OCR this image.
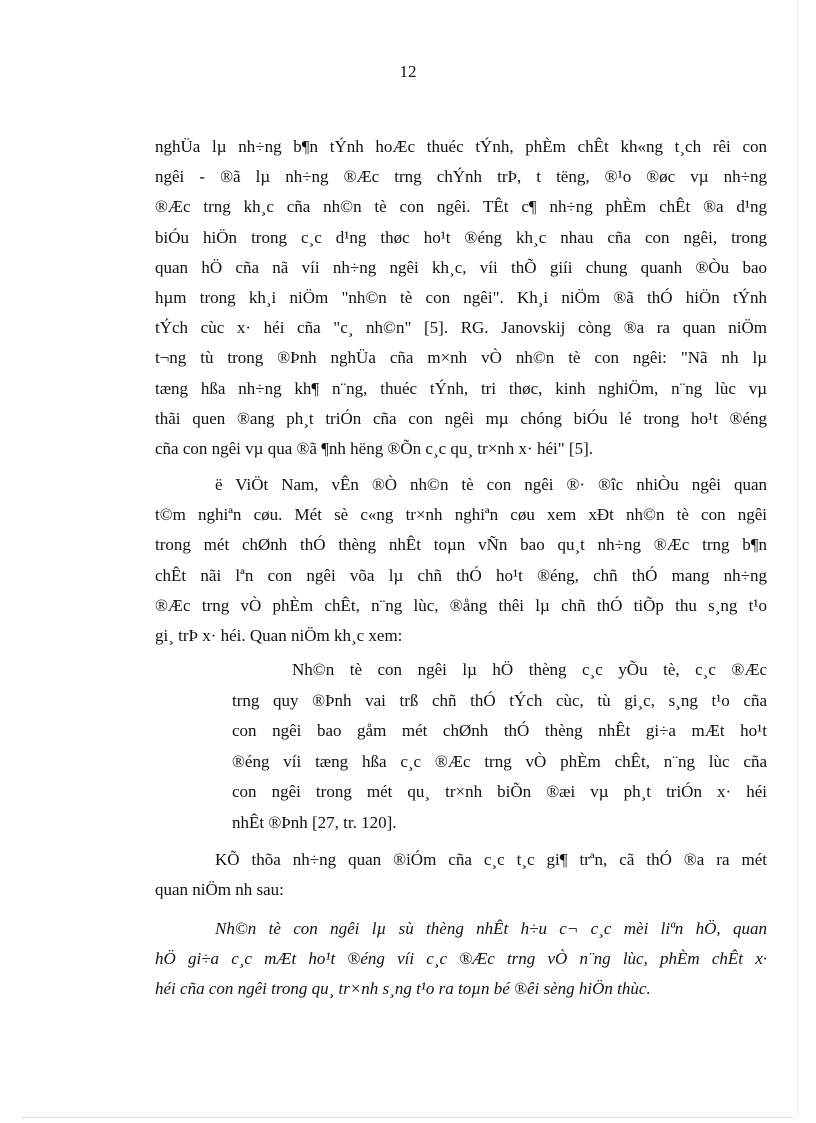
12
nghÜa lµ nh÷ng b¶n tÝnh hoÆc thuéc tÝnh, phÈm chÊt kh«ng t¸ch rêi con
ngêi - ®ã lµ nh÷ng ®Æc trng chÝnh trÞ, t tëng, ®¹o ®øc vµ nh÷ng
®Æc trng kh¸c cña nh©n tè con ngêi. TÊt c¶ nh÷ng phÈm chÊt ®a d¹ng
biÓu hiÖn trong c¸c d¹ng thøc ho¹t ®éng kh¸c nhau cña con ngêi, trong
quan hÖ cña nã víi nh÷ng ngêi kh¸c, víi thÕ giíi chung quanh ®Òu bao
hµm trong kh¸i niÖm "nh©n tè con ngêi". Kh¸i niÖm ®ã thÓ hiÖn tÝnh
tÝch cùc x· héi cña "c¸ nh©n" [5]. RG. Janovskij còng ®a ra quan niÖm
t¬ng tù trong ®Þnh nghÜa cña m×nh vÒ nh©n tè con ngêi: "Nã nh lµ
tæng hßa nh÷ng kh¶ n¨ng, thuéc tÝnh, tri thøc, kinh nghiÖm, n¨ng lùc vµ
thãi quen ®ang ph¸t triÓn cña con ngêi mµ chóng biÓu lé trong ho¹t ®éng
cña con ngêi vµ qua ®ã ¶nh hëng ®Õn c¸c qu¸ tr×nh x· héi" [5].
ë ViÖt Nam, vÊn ®Ò nh©n tè con ngêi ®· ®îc nhiÒu ngêi quan
t©m nghiªn cøu. Mét sè c«ng tr×nh nghiªn cøu xem xÐt nh©n tè con ngêi
trong mét chØnh thÓ thèng nhÊt toµn vÑn bao qu¸t nh÷ng ®Æc trng b¶n
chÊt nãi lªn con ngêi võa lµ chñ thÓ ho¹t ®éng, chñ thÓ mang nh÷ng
®Æc trng vÒ phÈm chÊt, n¨ng lùc, ®ång thêi lµ chñ thÓ tiÕp thu s¸ng t¹o
gi¸ trÞ x· héi. Quan niÖm kh¸c xem:
Nh©n tè con ngêi lµ hÖ thèng c¸c yÕu tè, c¸c ®Æc
trng quy ®Þnh vai trß chñ thÓ tÝch cùc, tù gi¸c, s¸ng t¹o cña
con ngêi bao gåm mét chØnh thÓ thèng nhÊt gi÷a mÆt ho¹t
®éng víi tæng hßa c¸c ®Æc trng vÒ phÈm chÊt, n¨ng lùc cña
con ngêi trong mét qu¸ tr×nh biÕn ®æi vµ ph¸t triÓn x· héi
nhÊt ®Þnh [27, tr. 120].
KÕ thõa nh÷ng quan ®iÓm cña c¸c t¸c gi¶ trªn, cã thÓ ®a ra mét
quan niÖm nh sau:
Nh©n tè con ngêi lµ sù thèng nhÊt h÷u c¬ c¸c mèi liªn hÖ, quan
hÖ gi÷a c¸c mÆt ho¹t ®éng víi c¸c ®Æc trng vÒ n¨ng lùc, phÈm chÊt x·
héi cña con ngêi trong qu¸ tr×nh s¸ng t¹o ra toµn bé ®êi sèng hiÖn thùc.
